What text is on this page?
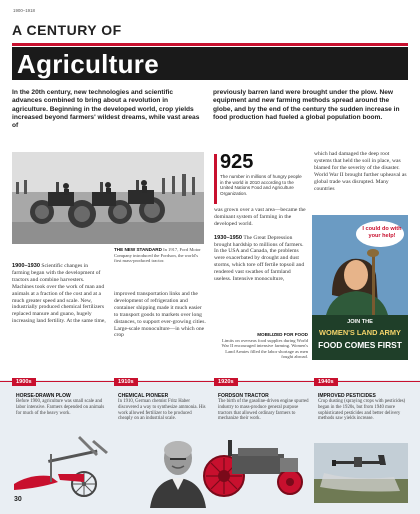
1900–1918
A CENTURY OF
Agriculture
In the 20th century, new technologies and scientific advances combined to bring about a revolution in agriculture. Beginning in the developed world, crop yields increased beyond farmers' wildest dreams, while vast areas of
previously barren land were brought under the plow. New equipment and new farming methods spread around the globe, and by the end of the century the sudden increase in food production had fueled a global population boom.
925
The number in millions of hungry people in the world in 2010 according to the United Nations Food and Agriculture Organization.
THE NEW STANDARD In 1917, Ford Motor Company introduced the Fordson, the world's first mass-produced tractor.
1900–1930 Scientific changes in farming began with the development of tractors and combine harvesters. Machines took over the work of man and animals at a fraction of the cost and at a much greater speed and scale. New, industrially produced chemical fertilizers replaced manure and guano, hugely increasing land fertility. At the same time,
improved transportation links and the development of refrigeration and container shipping made it much easier to transport goods to markets over long distances, to support ever-growing cities. Large-scale monoculture—in which one crop
was grown over a vast area—became the dominant system of farming in the developed world.

1930–1950 The Great Depression brought hardship to millions of farmers. In the USA and Canada, the problems were exacerbated by drought and dust storms, which tore off fertile topsoil and rendered vast swathes of farmland useless. Intensive monoculture,
which had damaged the deep root systems that held the soil in place, was blamed for the severity of the disaster. World War II brought further upheaval as global trade was disrupted. Many countries
I could do with your help!
JOIN THE
WOMEN'S LAND ARMY
FOOD COMES FIRST
MOBILIZED FOR FOOD
Limits on overseas food supplies during World War II encouraged intensive farming. Women's Land Armies filled the labor shortage as men fought abroad.
1900s	1910s	1920s	1940s
HORSE-DRAWN PLOW
Before 1900, agriculture was small scale and labor intensive. Farmers depended on animals for much of the heavy work.
CHEMICAL PIONEER
In 1910, German chemist Fritz Haber discovered a way to synthesize ammonia. His work allowed fertilizer to be produced cheaply on an industrial scale.
FORDSON TRACTOR
The birth of the gasoline-driven engine spurred industry to mass-produce general purpose tractors that allowed ordinary farmers to mechanize their work.
IMPROVED PESTICIDES
Crop dusting (spraying crops with pesticides) began in the 1920s, but from 1940 more sophisticated pesticides and better delivery methods saw yields increase.
30
